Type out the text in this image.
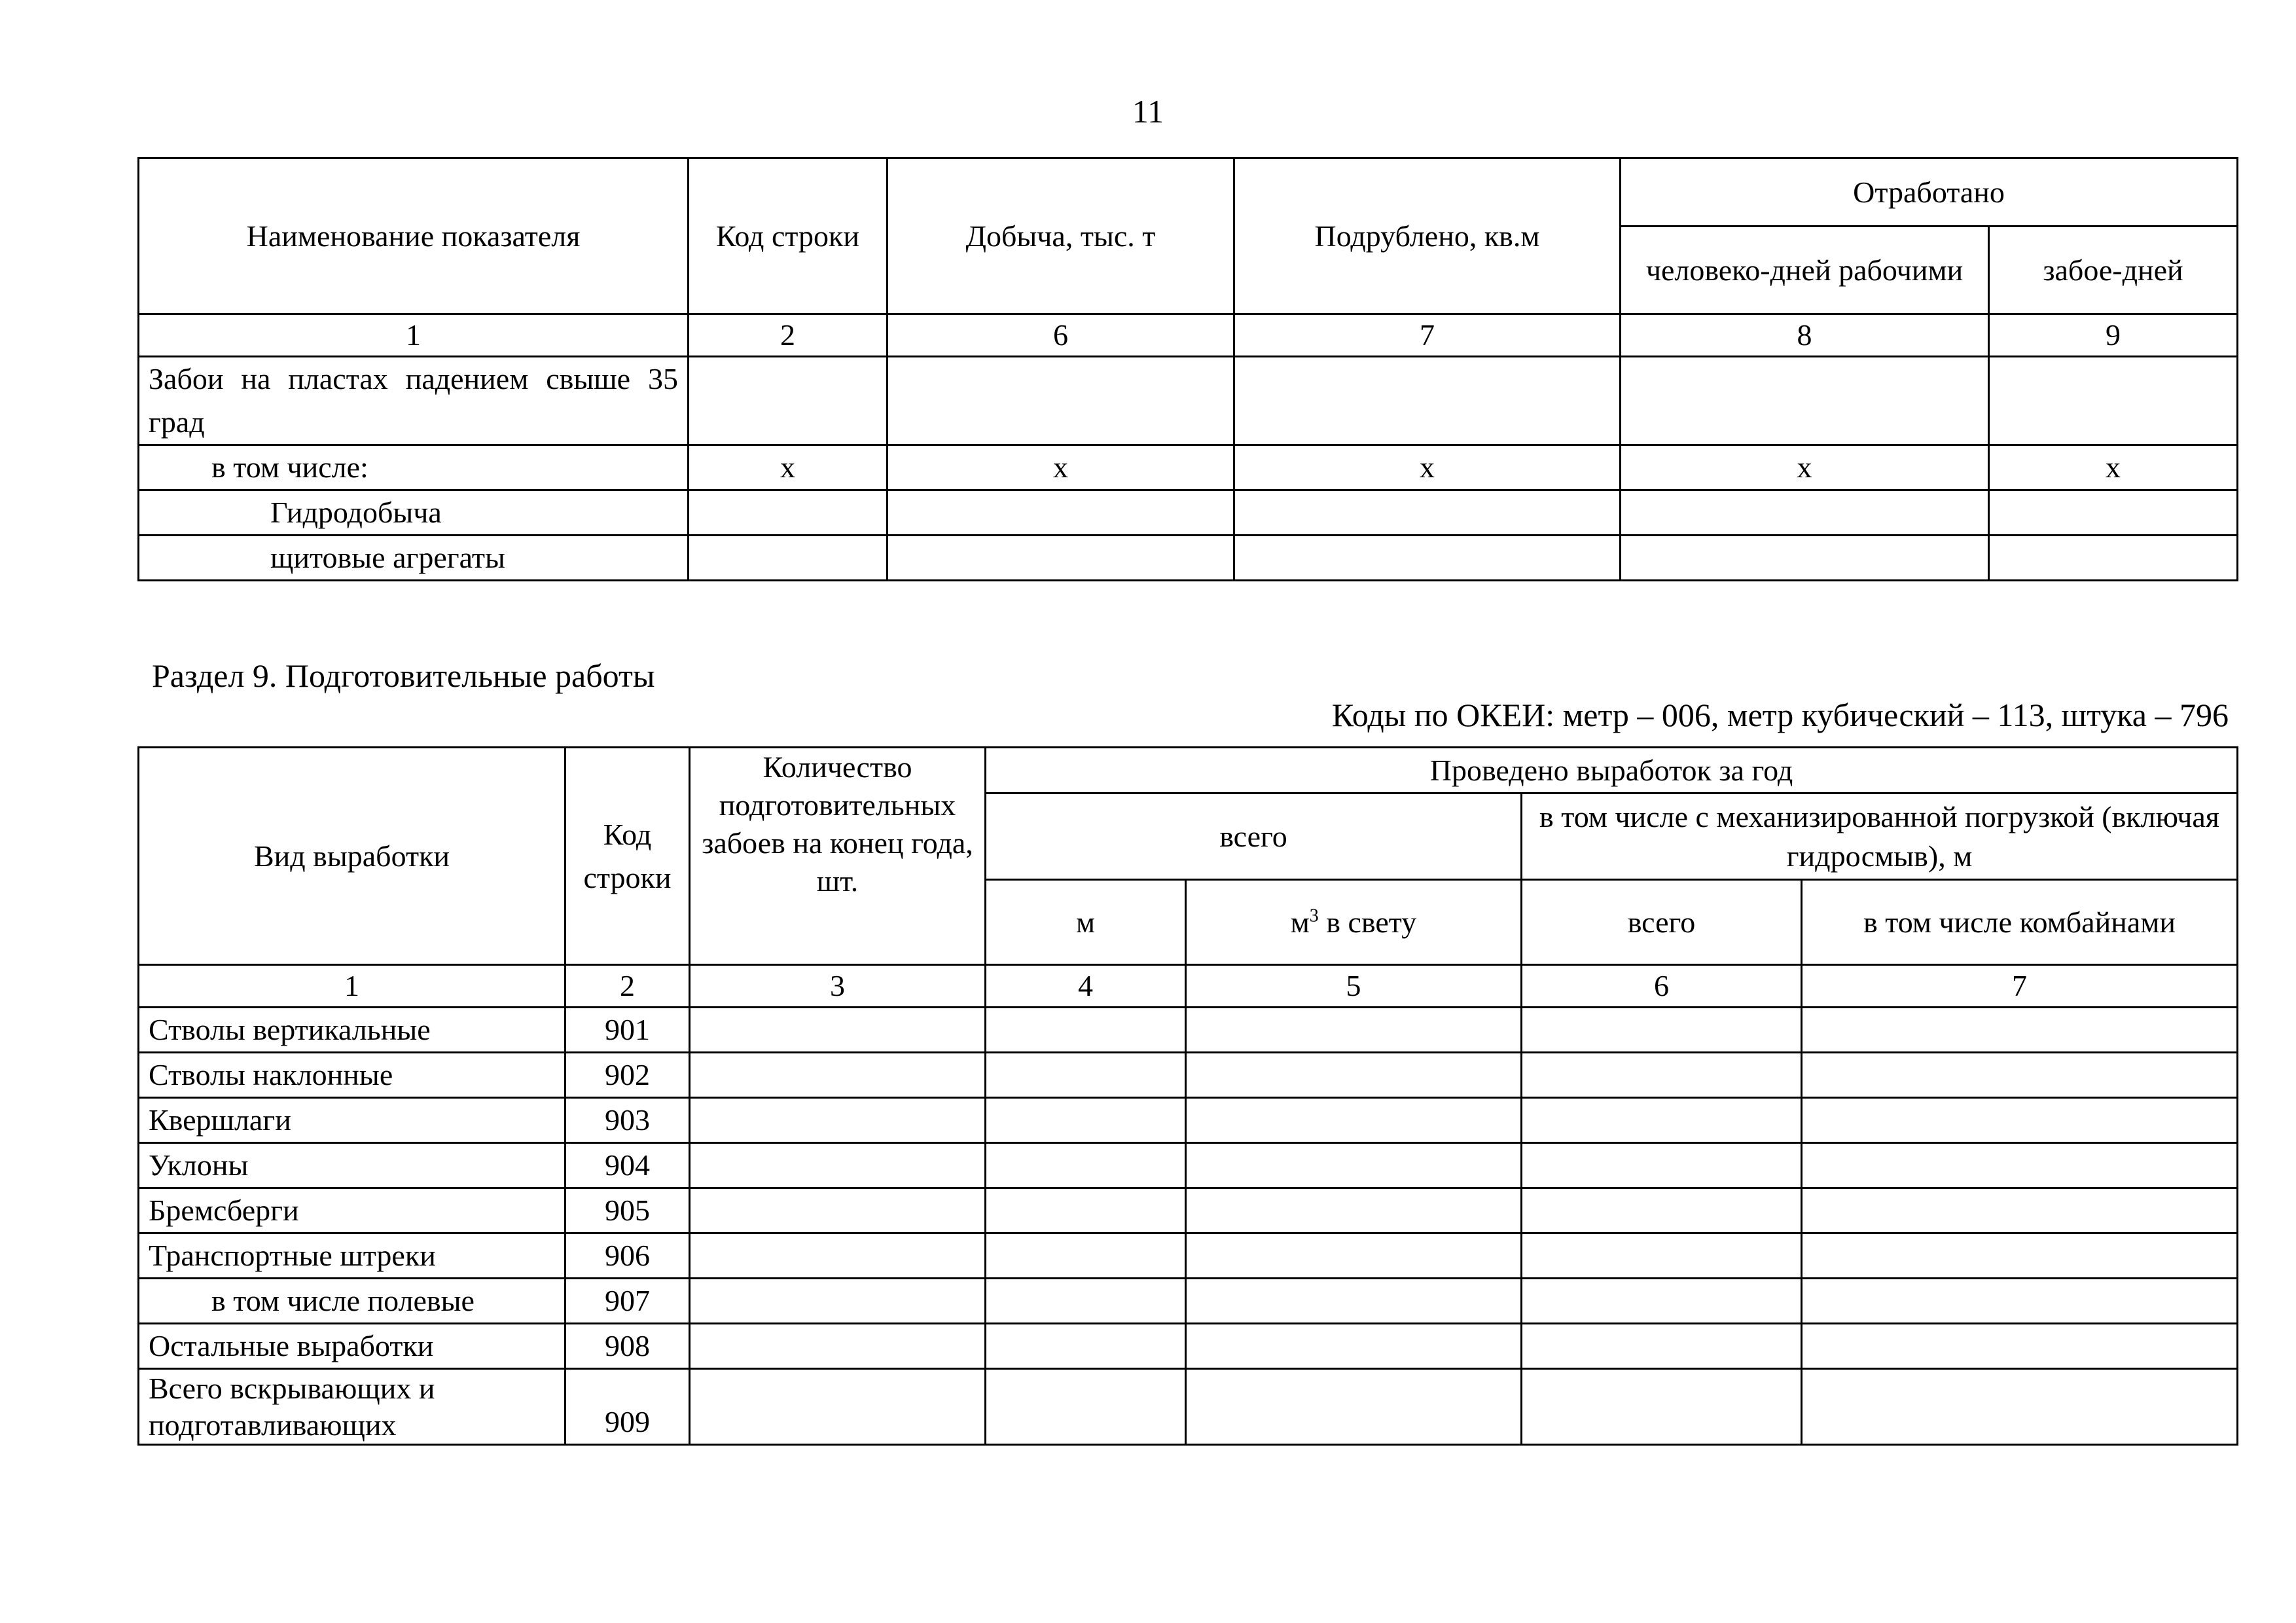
11
Наименование показателя	Код строки	Добыча, тыс. т	Подрублено, кв.м	Отработано	
				человеко-дней рабочими	забое-дней
1	2	6	7	8	9
Забои на пластах падением свыше 35 град					
в том числе:	х	х	х	х	х
Гидродобыча					
щитовые агрегаты					
Раздел 9. Подготовительные работы
Коды по ОКЕИ: метр – 006, метр кубический – 113, штука – 796
Вид выработки	Код строки	Количество подготовительных забоев на конец года, шт.	Проведено выработок за год			
			всего		в том числе с механизированной погрузкой (включая гидросмыв), м	
			м	$м^3$ в свету	всего	в том числе комбайнами
1	2	3	4	5	6	7
Стволы вертикальные	901					
Стволы наклонные	902					
Квершлаги	903					
Уклоны	904					
Бремсберги	905					
Транспортные штреки	906					
в том числе полевые	907					
Остальные выработки	908					
Всего вскрывающих и подготавливающих	909					
